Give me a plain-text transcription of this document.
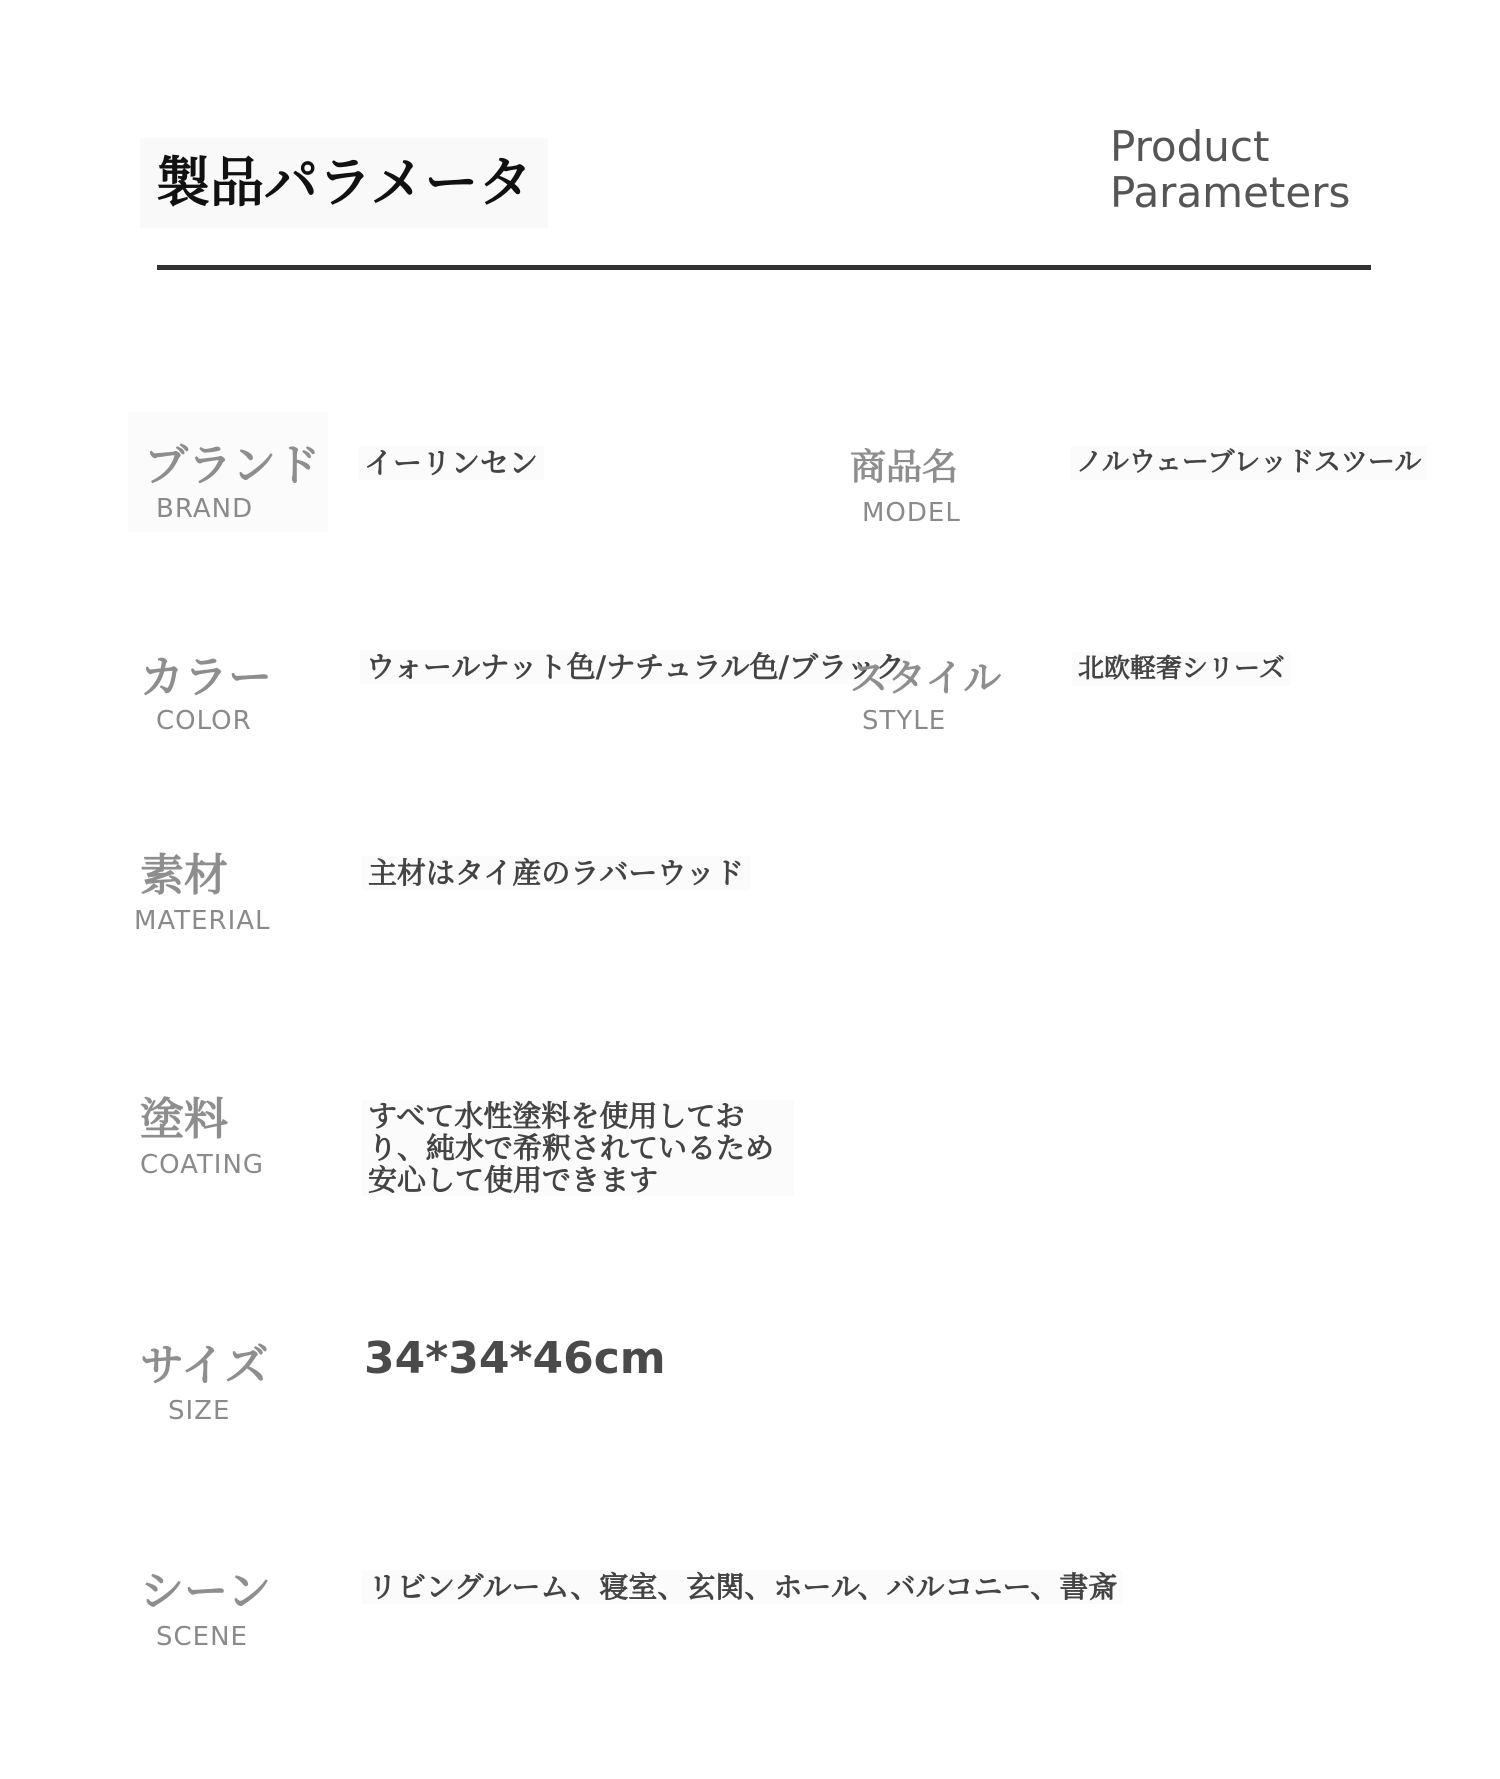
製品パラメータ
Product
Parameters
ブランド
BRAND
イーリンセン	商品名
MODEL
ノルウェーブレッドスツール
カラー
COLOR
ウォールナット色/ナチュラル色/ブラック
スタイル
STYLE
北欧軽奢シリーズ
素材
MATERIAL
主材はタイ産のラバーウッド
塗料
COATING
すべて水性塗料を使用しており、純水で希釈されているため安心して使用できます
サイズ
SIZE
34*34*46cm
シーン
SCENE
リビングルーム、寝室、玄関、ホール、バルコニー、書斎
